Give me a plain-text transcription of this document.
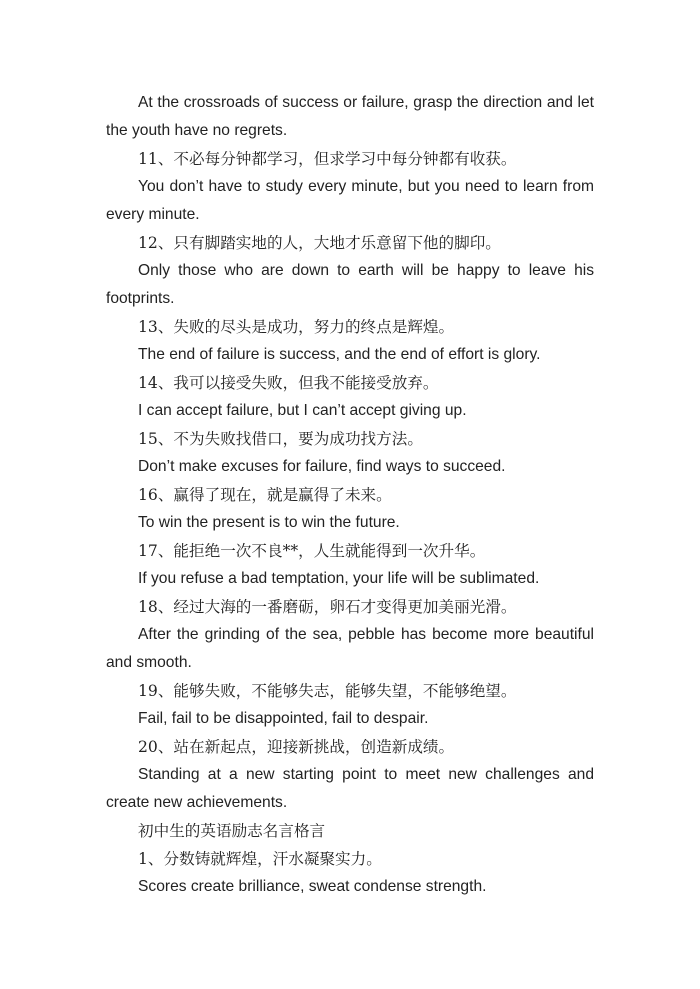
At the crossroads of success or failure, grasp the direction and let the youth have no regrets.

11、不必每分钟都学习，但求学习中每分钟都有收获。

You don’t have to study every minute, but you need to learn from every minute.

12、只有脚踏实地的人，大地才乐意留下他的脚印。

Only those who are down to earth will be happy to leave his footprints.

13、失败的尽头是成功，努力的终点是辉煌。

The end of failure is success, and the end of effort is glory.

14、我可以接受失败，但我不能接受放弃。

I can accept failure, but I can’t accept giving up.

15、不为失败找借口，要为成功找方法。

Don’t make excuses for failure, find ways to succeed.

16、赢得了现在，就是赢得了未来。

To win the present is to win the future.

17、能拒绝一次不良**，人生就能得到一次升华。

If you refuse a bad temptation, your life will be sublimated.

18、经过大海的一番磨砺，卵石才变得更加美丽光滑。

After the grinding of the sea, pebble has become more beautiful and smooth.

19、能够失败，不能够失志，能够失望，不能够绝望。

Fail, fail to be disappointed, fail to despair.

20、站在新起点，迎接新挑战，创造新成绩。

Standing at a new starting point to meet new challenges and create new achievements.

初中生的英语励志名言格言

1、分数铸就辉煌，汗水凝聚实力。

Scores create brilliance, sweat condense strength.
